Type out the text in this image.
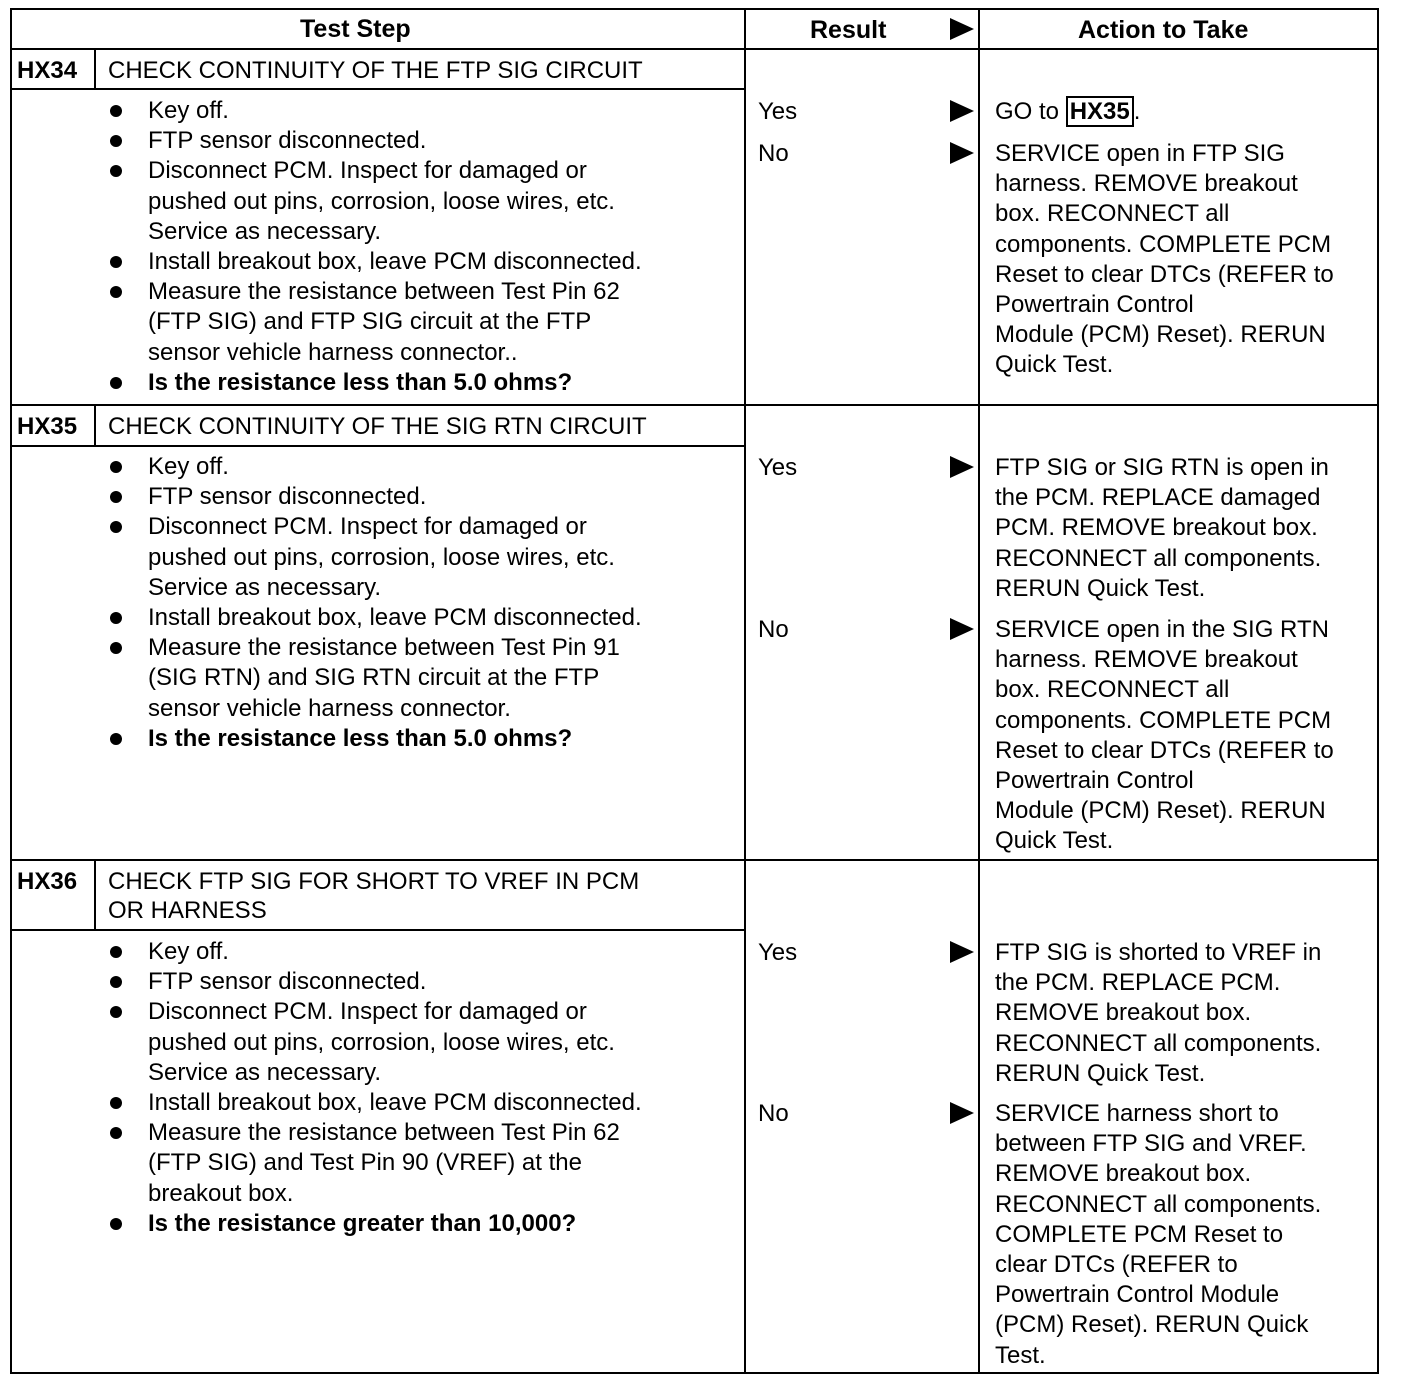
Test Step	Result	Action to Take
HX34 CHECK CONTINUITY OF THE FTP SIG CIRCUIT
Key off.
FTP sensor disconnected.
Disconnect PCM. Inspect for damaged or
pushed out pins, corrosion, loose wires, etc.
Service as necessary.
Install breakout box, leave PCM disconnected.
Measure the resistance between Test Pin 62
(FTP SIG) and FTP SIG circuit at the FTP
sensor vehicle harness connector..
Is the resistance less than 5.0 ohms?
Yes	GO to HX35 .
No	SERVICE open in FTP SIG
harness. REMOVE breakout
box. RECONNECT all
components. COMPLETE PCM
Reset to clear DTCs (REFER to
Powertrain Control
Module (PCM) Reset). RERUN
Quick Test.
HX35 CHECK CONTINUITY OF THE SIG RTN CIRCUIT
Key off.
FTP sensor disconnected.
Disconnect PCM. Inspect for damaged or
pushed out pins, corrosion, loose wires, etc.
Service as necessary.
Install breakout box, leave PCM disconnected.
Measure the resistance between Test Pin 91
(SIG RTN) and SIG RTN circuit at the FTP
sensor vehicle harness connector.
Is the resistance less than 5.0 ohms?
Yes	FTP SIG or SIG RTN is open in
the PCM. REPLACE damaged
PCM. REMOVE breakout box.
RECONNECT all components.
RERUN Quick Test.
No	SERVICE open in the SIG RTN
harness. REMOVE breakout
box. RECONNECT all
components. COMPLETE PCM
Reset to clear DTCs (REFER to
Powertrain Control
Module (PCM) Reset). RERUN
Quick Test.
HX36 CHECK FTP SIG FOR SHORT TO VREF IN PCM
OR HARNESS
Key off.
FTP sensor disconnected.
Disconnect PCM. Inspect for damaged or
pushed out pins, corrosion, loose wires, etc.
Service as necessary.
Install breakout box, leave PCM disconnected.
Measure the resistance between Test Pin 62
(FTP SIG) and Test Pin 90 (VREF) at the
breakout box.
Is the resistance greater than 10,000?
Yes	FTP SIG is shorted to VREF in
the PCM. REPLACE PCM.
REMOVE breakout box.
RECONNECT all components.
RERUN Quick Test.
No	SERVICE harness short to
between FTP SIG and VREF.
REMOVE breakout box.
RECONNECT all components.
COMPLETE PCM Reset to
clear DTCs (REFER to
Powertrain Control Module
(PCM) Reset). RERUN Quick
Test.
